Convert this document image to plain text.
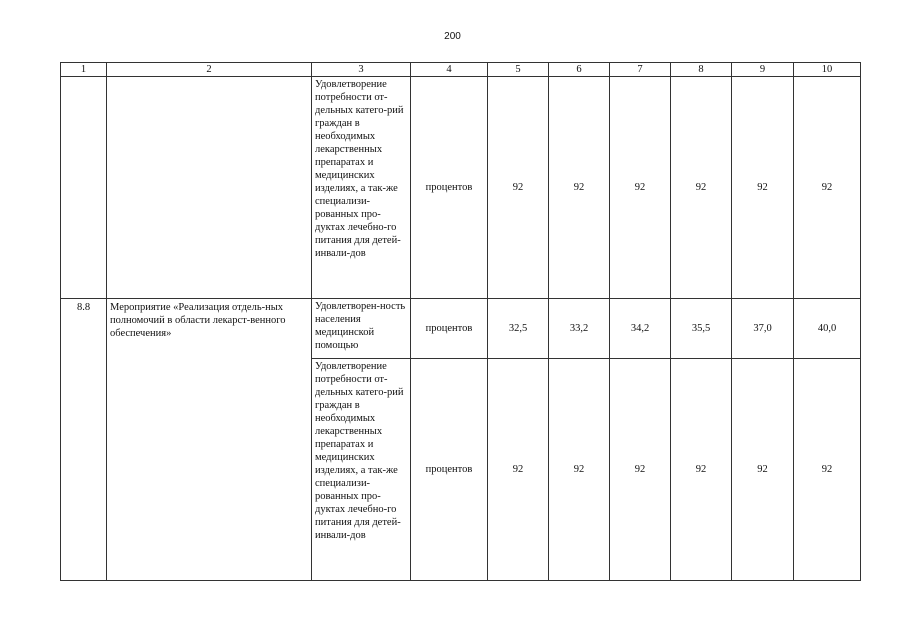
200
1	2	3	4	5	6	7	8	9	10
		Удовлетворение потребности от-дельных катего-рий граждан в необходимых лекарственных препаратах и медицинских изделиях, а так-же специализи-рованных про-дуктах лечебно-го питания для детей-инвали-дов	процентов	92	92	92	92	92	92
8.8	Мероприятие «Реализация отдель-ных полномочий в области лекарст-венного обеспечения»	Удовлетворен-ность населения медицинской помощью	процентов	32,5	33,2	34,2	35,5	37,0	40,0
		Удовлетворение потребности от-дельных катего-рий граждан в необходимых лекарственных препаратах и медицинских изделиях, а так-же специализи-рованных про-дуктах лечебно-го питания для детей-инвали-дов	процентов	92	92	92	92	92	92
